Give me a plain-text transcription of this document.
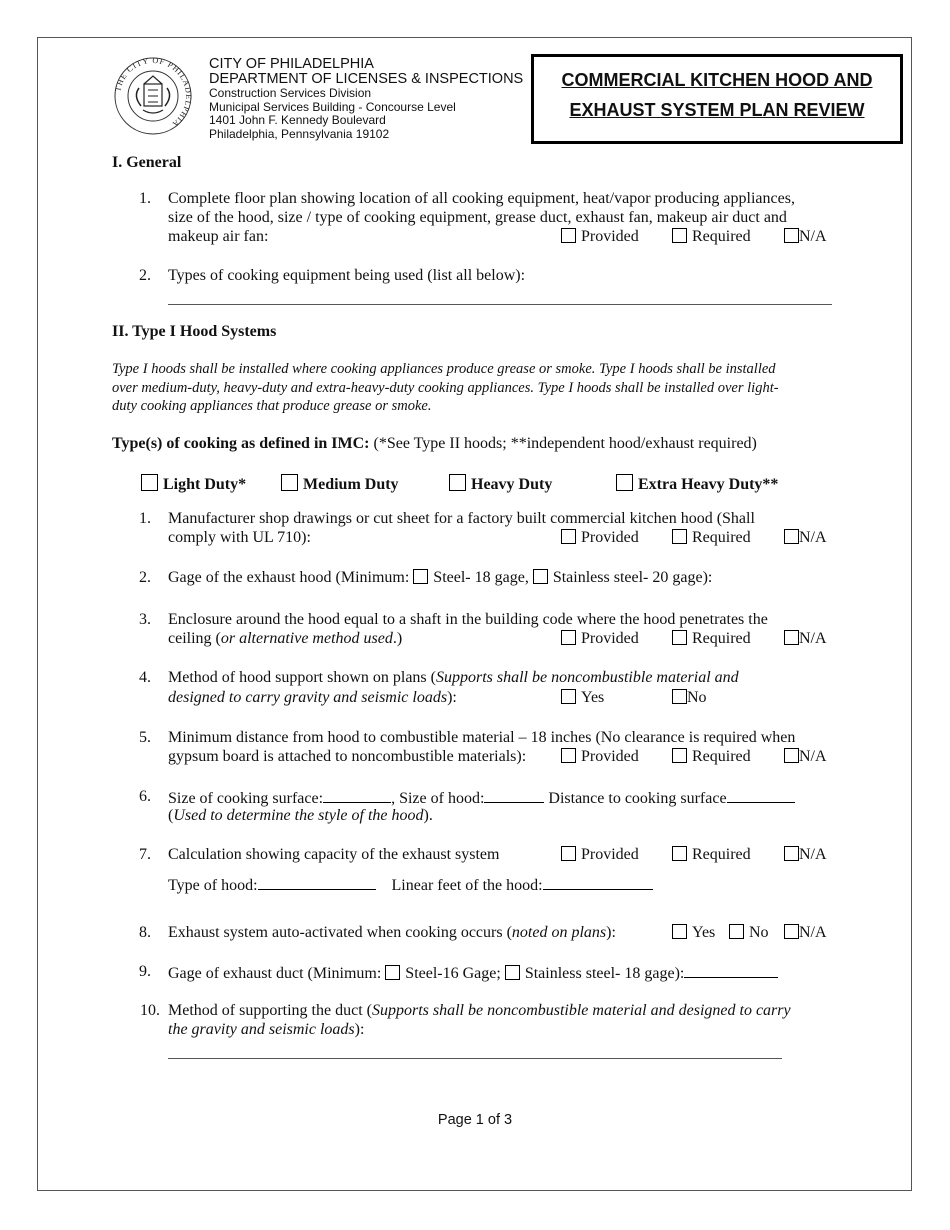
THE CITY OF PHILADELPHIA
CITY OF PHILADELPHIA
DEPARTMENT OF LICENSES & INSPECTIONS
Construction Services Division
Municipal Services Building - Concourse Level
1401 John F. Kennedy Boulevard
Philadelphia, Pennsylvania 19102
COMMERCIAL KITCHEN HOOD AND
EXHAUST SYSTEM PLAN REVIEW
I. General
1. Complete floor plan showing location of all cooking equipment, heat/vapor producing appliances,
size of the hood, size / type of cooking equipment, grease duct, exhaust fan, makeup air duct and
makeup air fan:	Provided	Required	N/A
2. Types of cooking equipment being used (list all below):
II. Type I Hood Systems
Type I hoods shall be installed where cooking appliances produce grease or smoke. Type I hoods shall be installed
over medium-duty, heavy-duty and extra-heavy-duty cooking appliances. Type I hoods shall be installed over light-
duty cooking appliances that produce grease or smoke.
Type(s) of cooking as defined in IMC: (*See Type II hoods; **independent hood/exhaust required)
Light Duty*	Medium Duty	Heavy Duty	Extra Heavy Duty**
1. Manufacturer shop drawings or cut sheet for a factory built commercial kitchen hood (Shall
comply with UL 710):	Provided	Required	N/A
2. Gage of the exhaust hood (Minimum: Steel- 18 gage, Stainless steel- 20 gage):
3. Enclosure around the hood equal to a shaft in the building code where the hood penetrates the
ceiling (or alternative method used.)	Provided	Required	N/A
4. Method of hood support shown on plans (Supports shall be noncombustible material and
designed to carry gravity and seismic loads):	Yes	No
5. Minimum distance from hood to combustible material – 18 inches (No clearance is required when
gypsum board is attached to noncombustible materials):	Provided	Required	N/A
6. Size of cooking surface:	, Size of hood:	Distance to cooking surface
(Used to determine the style of the hood).
7. Calculation showing capacity of the exhaust system	Provided	Required	N/A
Type of hood:	Linear feet of the hood:
8. Exhaust system auto-activated when cooking occurs (noted on plans):	Yes	No	N/A
9. Gage of exhaust duct (Minimum: Steel-16 Gage; Stainless steel- 18 gage):
10. Method of supporting the duct (Supports shall be noncombustible material and designed to carry
the gravity and seismic loads):
Page 1 of 3
